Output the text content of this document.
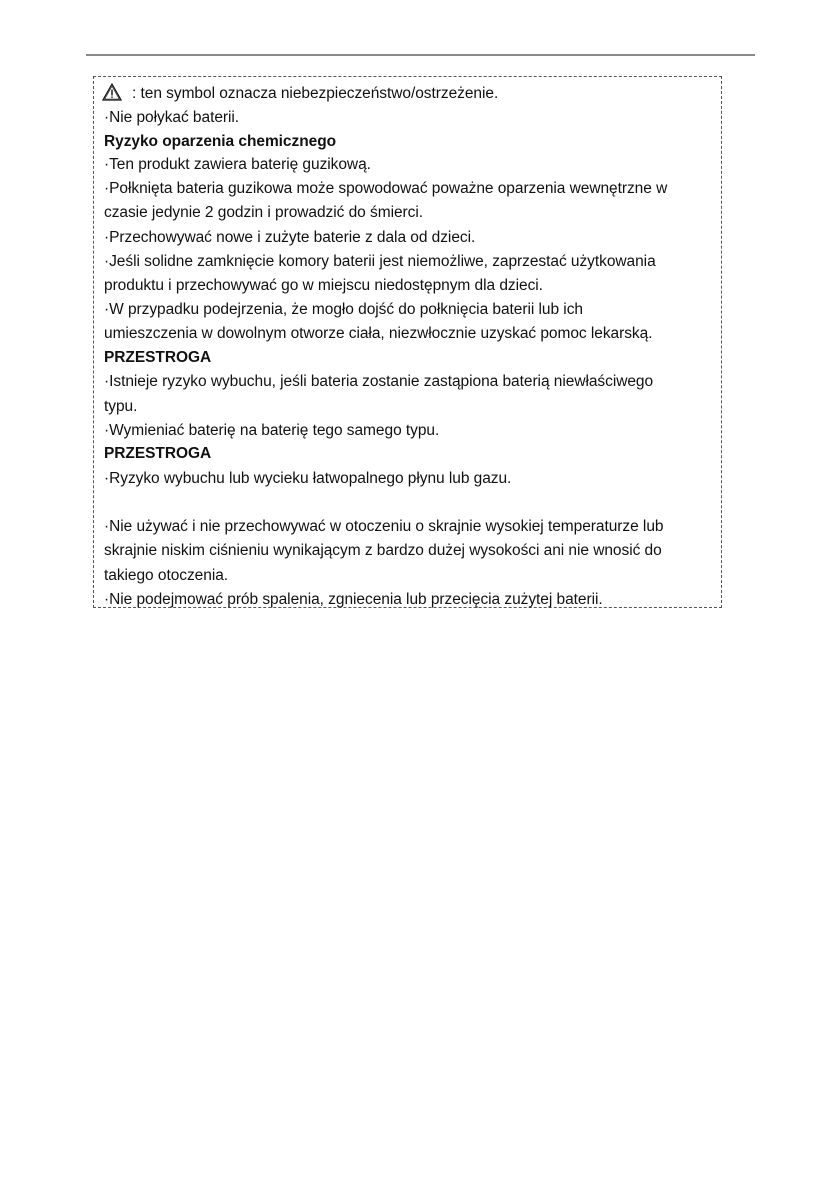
: ten symbol oznacza niebezpieczeństwo/ostrzeżenie.
·Nie połykać baterii.
Ryzyko oparzenia chemicznego
·Ten produkt zawiera baterię guzikową.
·Połknięta bateria guzikowa może spowodować poważne oparzenia wewnętrzne w
czasie jedynie 2 godzin i prowadzić do śmierci.
·Przechowywać nowe i zużyte baterie z dala od dzieci.
·Jeśli solidne zamknięcie komory baterii jest niemożliwe, zaprzestać użytkowania
produktu i przechowywać go w miejscu niedostępnym dla dzieci.
·W przypadku podejrzenia, że mogło dojść do połknięcia baterii lub ich
umieszczenia w dowolnym otworze ciała, niezwłocznie uzyskać pomoc lekarską.
PRZESTROGA
·Istnieje ryzyko wybuchu, jeśli bateria zostanie zastąpiona baterią niewłaściwego
typu.
·Wymieniać baterię na baterię tego samego typu.
PRZESTROGA
·Ryzyko wybuchu lub wycieku łatwopalnego płynu lub gazu.
·Nie używać i nie przechowywać w otoczeniu o skrajnie wysokiej temperaturze lub
skrajnie niskim ciśnieniu wynikającym z bardzo dużej wysokości ani nie wnosić do
takiego otoczenia.
·Nie podejmować prób spalenia, zgniecenia lub przecięcia zużytej baterii.
